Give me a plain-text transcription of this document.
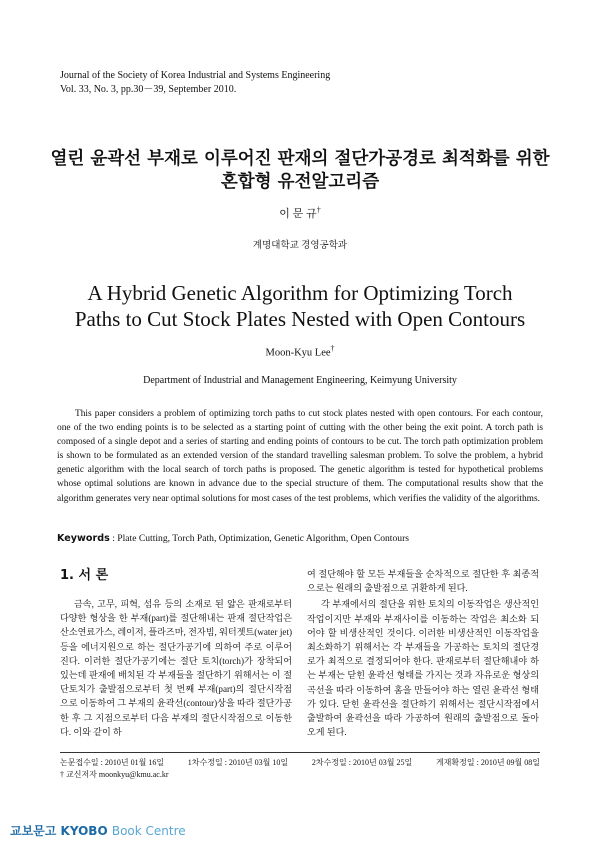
Journal of the Society of Korea Industrial and Systems Engineering
Vol. 33, No. 3, pp.30－39, September 2010.
열린 윤곽선 부재로 이루어진 판재의 절단가공경로 최적화를 위한
혼합형 유전알고리즘
이 문 규†
계명대학교 경영공학과
A Hybrid Genetic Algorithm for Optimizing Torch
Paths to Cut Stock Plates Nested with Open Contours
Moon-Kyu Lee†
Department of Industrial and Management Engineering, Keimyung University
This paper considers a problem of optimizing torch paths to cut stock plates nested with open contours. For each contour, one of the two ending points is to be selected as a starting point of cutting with the other being the exit point. A torch path is composed of a single depot and a series of starting and ending points of contours to be cut. The torch path optimization problem is shown to be formulated as an extended version of the standard travelling salesman problem. To solve the problem, a hybrid genetic algorithm with the local search of torch paths is proposed. The genetic algorithm is tested for hypothetical problems whose optimal solutions are known in advance due to the special structure of them. The computational results show that the algorithm generates very near optimal solutions for most cases of the test problems, which verifies the validity of the algorithms.
Keywords : Plate Cutting, Torch Path, Optimization, Genetic Algorithm, Open Contours
1. 서 론

금속, 고무, 피혁, 섬유 등의 소재로 된 얇은 판재로부터 다양한 형상을 한 부재(part)를 절단해내는 판재 절단작업은 산소연료가스, 레이저, 플라즈마, 전자빔, 워터젯트(water jet) 등을 에너지원으로 하는 절단가공기에 의하여 주로 이루어진다. 이러한 절단가공기에는 절단 토치(torch)가 장착되어 있는데 판재에 배치된 각 부재들을 절단하기 위해서는 이 절단토치가 출발점으로부터 첫 번째 부재(part)의 절단시작점으로 이동하여 그 부재의 윤곽선(contour)상을 따라 절단가공한 후 그 지점으로부터 다음 부재의 절단시작점으로 이동한다. 이와 같이 하

여 절단해야 할 모든 부재들을 순차적으로 절단한 후 최종적으로는 원래의 출발점으로 귀환하게 된다.

각 부재에서의 절단을 위한 토치의 이동작업은 생산적인 작업이지만 부재와 부재사이를 이동하는 작업은 최소화 되어야 할 비생산적인 것이다. 이러한 비생산적인 이동작업을 최소화하기 위해서는 각 부재들을 가공하는 토치의 절단경로가 최적으로 결정되어야 한다. 판재로부터 절단해내야 하는 부재는 닫힌 윤곽선 형태를 가지는 것과 자유로운 형상의 곡선을 따라 이동하여 홈을 만들어야 하는 열린 윤곽선 형태가 있다. 닫힌 윤곽선을 절단하기 위해서는 절단시작점에서 출발하여 윤곽선을 따라 가공하여 원래의 출발점으로 돌아오게 된다.

논문접수일 : 2010년 01월 16일	1차수정일 : 2010년 03월 10일	2차수정일 : 2010년 03월 25일	게재확정일 : 2010년 09월 08일
† 교신저자 moonkyu@kmu.ac.kr
교보문고 KYOBO Book Centre
